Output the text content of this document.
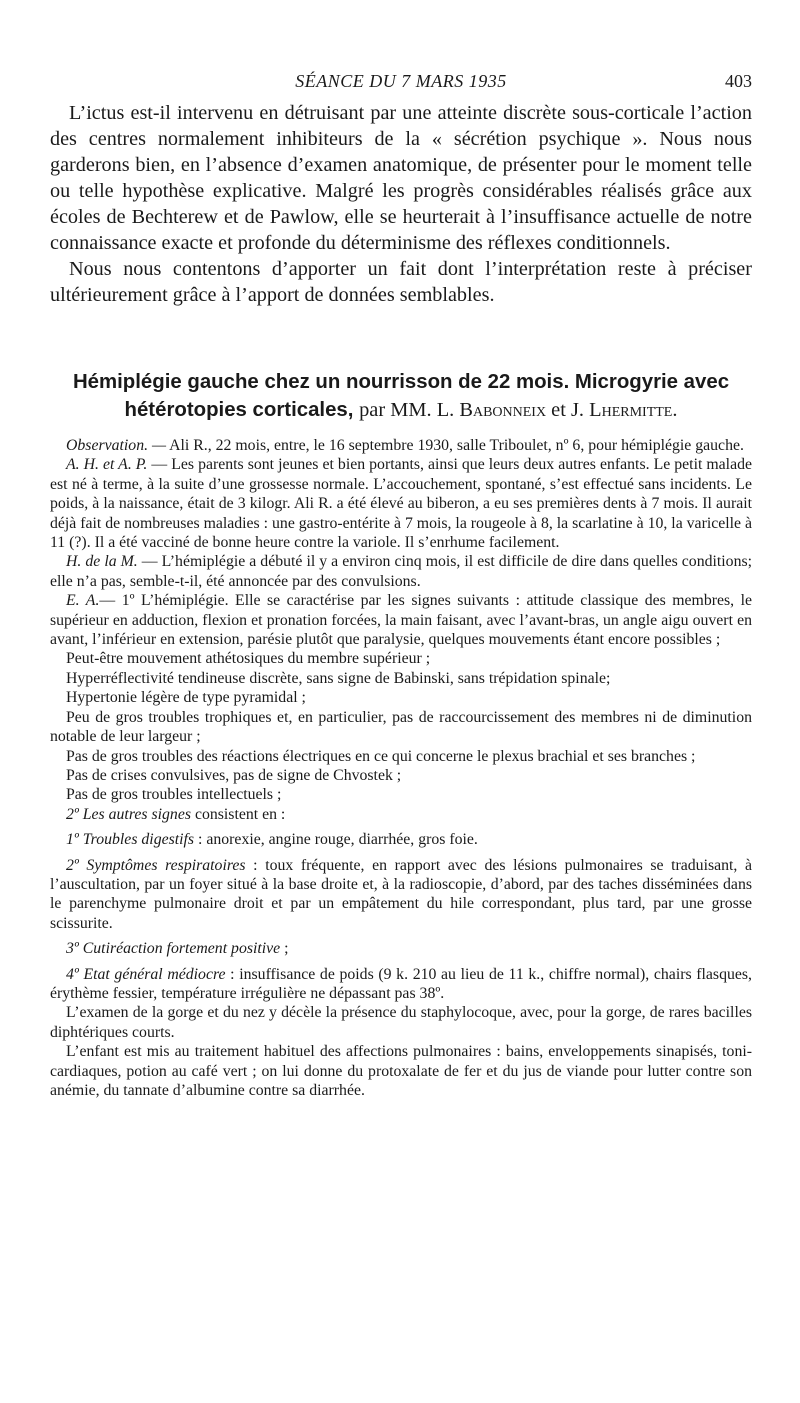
SÉANCE DU 7 MARS 1935	403

L’ictus est-il intervenu en détruisant par une atteinte discrète sous-corticale l’action des centres normalement inhibiteurs de la « sécrétion psychique ». Nous nous garderons bien, en l’absence d’examen anatomique, de présenter pour le moment telle ou telle hypothèse explicative. Malgré les progrès considérables réalisés grâce aux écoles de Bechterew et de Pawlow, elle se heurterait à l’insuffisance actuelle de notre connaissance exacte et profonde du déterminisme des réflexes conditionnels.

Nous nous contentons d’apporter un fait dont l’interprétation reste à préciser ultérieurement grâce à l’apport de données semblables.

Hémiplégie gauche chez un nourrisson de 22 mois. Microgyrie avec hétérotopies corticales, par MM. L. Babonneix et J. Lhermitte.

Observation. — Ali R., 22 mois, entre, le 16 septembre 1930, salle Triboulet, nº 6, pour hémiplégie gauche.

A. H. et A. P. — Les parents sont jeunes et bien portants, ainsi que leurs deux autres enfants. Le petit malade est né à terme, à la suite d’une grossesse normale. L’accouchement, spontané, s’est effectué sans incidents. Le poids, à la naissance, était de 3 kilogr. Ali R. a été élevé au biberon, a eu ses premières dents à 7 mois. Il aurait déjà fait de nombreuses maladies : une gastro-entérite à 7 mois, la rougeole à 8, la scarlatine à 10, la varicelle à 11 (?). Il a été vacciné de bonne heure contre la variole. Il s’enrhume facilement.

H. de la M. — L’hémiplégie a débuté il y a environ cinq mois, il est difficile de dire dans quelles conditions; elle n’a pas, semble-t-il, été annoncée par des convulsions.

E. A.— 1º L’hémiplégie. Elle se caractérise par les signes suivants : attitude classique des membres, le supérieur en adduction, flexion et pronation forcées, la main faisant, avec l’avant-bras, un angle aigu ouvert en avant, l’inférieur en extension, parésie plutôt que paralysie, quelques mouvements étant encore possibles ;

Peut-être mouvement athétosiques du membre supérieur ;

Hyperréflectivité tendineuse discrète, sans signe de Babinski, sans trépidation spinale;

Hypertonie légère de type pyramidal ;

Peu de gros troubles trophiques et, en particulier, pas de raccourcissement des membres ni de diminution notable de leur largeur ;

Pas de gros troubles des réactions électriques en ce qui concerne le plexus brachial et ses branches ;

Pas de crises convulsives, pas de signe de Chvostek ;

Pas de gros troubles intellectuels ;

2º Les autres signes consistent en :

1º Troubles digestifs : anorexie, angine rouge, diarrhée, gros foie.

2º Symptômes respiratoires : toux fréquente, en rapport avec des lésions pulmonaires se traduisant, à l’auscultation, par un foyer situé à la base droite et, à la radioscopie, d’abord, par des taches disséminées dans le parenchyme pulmonaire droit et par un empâtement du hile correspondant, plus tard, par une grosse scissurite.

3º Cutiréaction fortement positive ;

4º Etat général médiocre : insuffisance de poids (9 k. 210 au lieu de 11 k., chiffre normal), chairs flasques, érythème fessier, température irrégulière ne dépassant pas 38º.

L’examen de la gorge et du nez y décèle la présence du staphylocoque, avec, pour la gorge, de rares bacilles diphtériques courts.

L’enfant est mis au traitement habituel des affections pulmonaires : bains, enveloppements sinapisés, toni-cardiaques, potion au café vert ; on lui donne du protoxalate de fer et du jus de viande pour lutter contre son anémie, du tannate d’albumine contre sa diarrhée.
